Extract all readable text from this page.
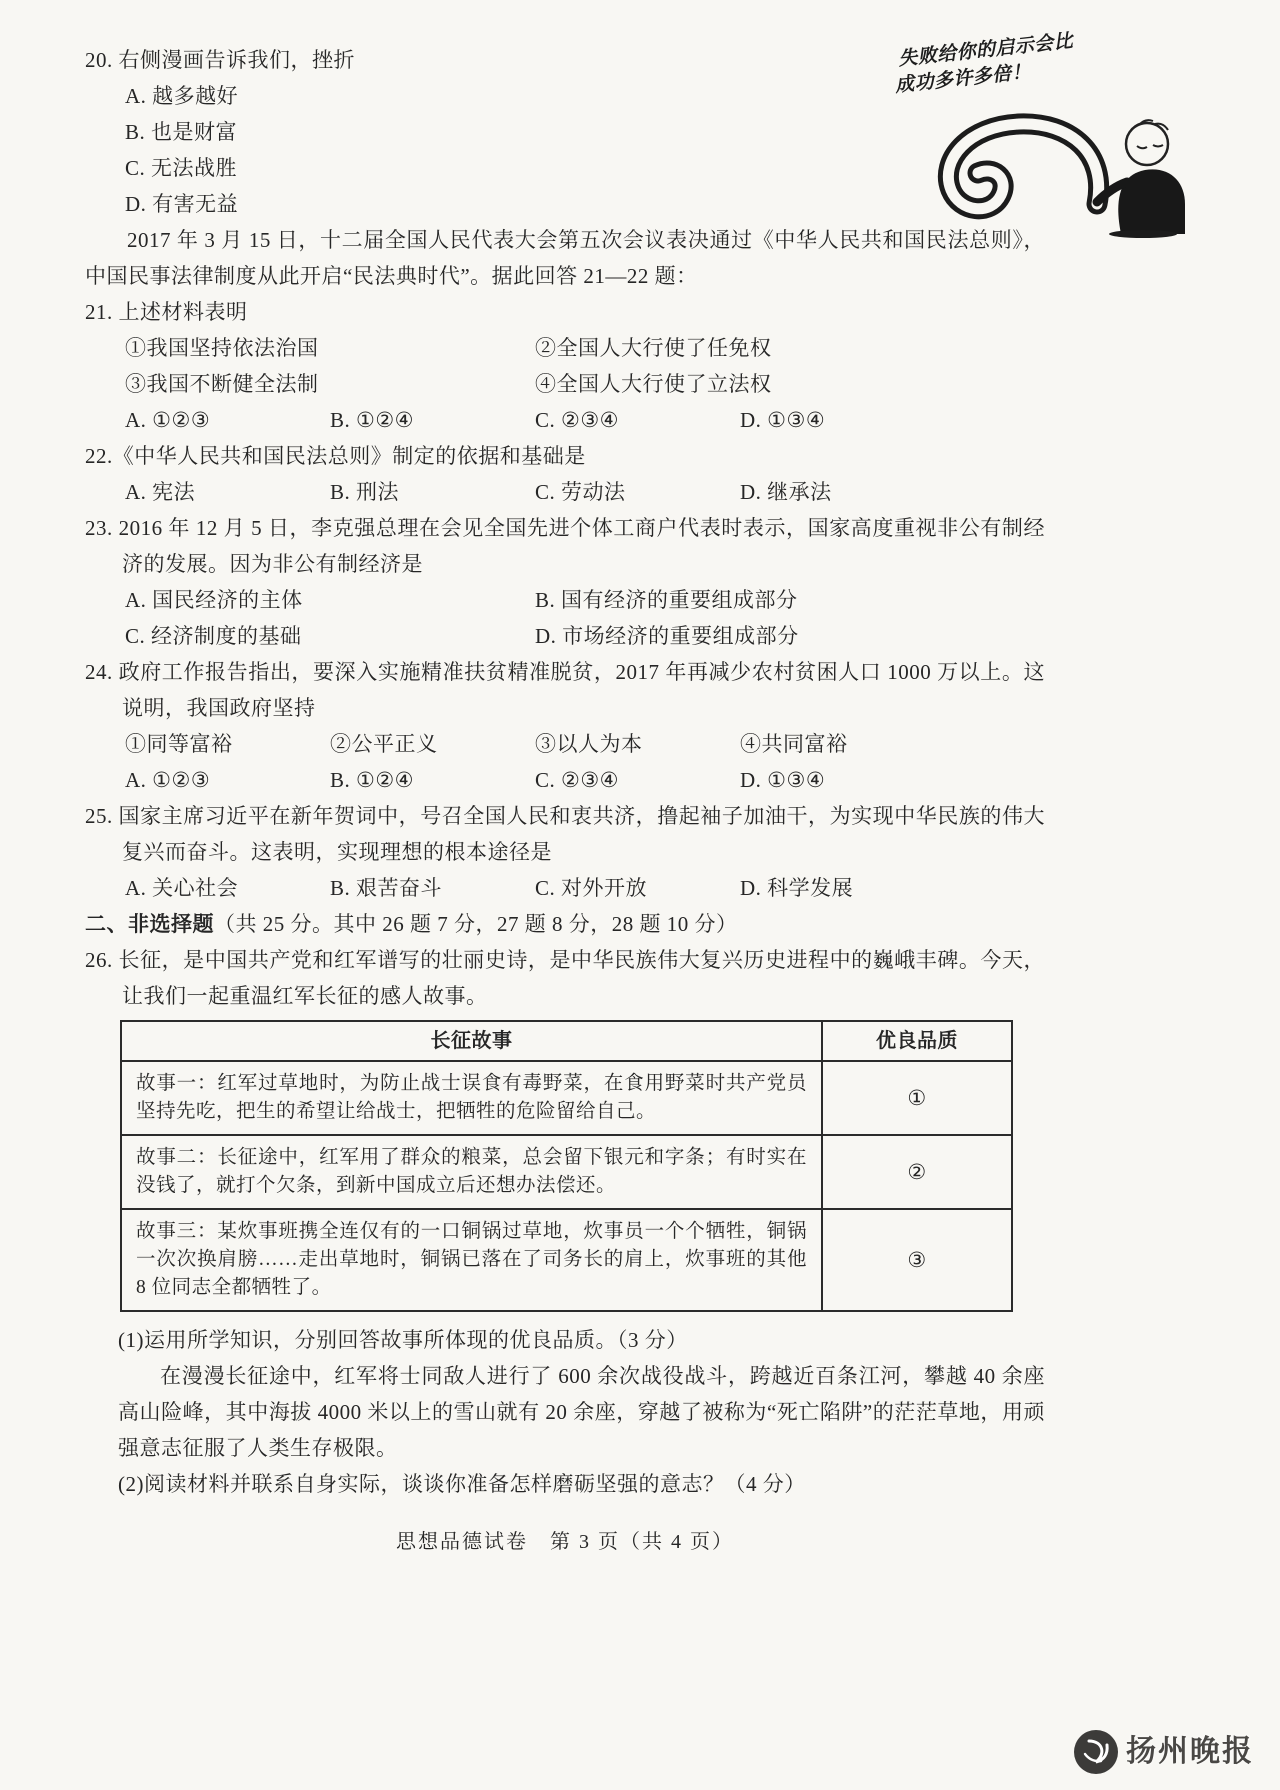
失败给你的启示会比
成功多许多倍！
20. 右侧漫画告诉我们，挫折
A. 越多越好
B. 也是财富
C. 无法战胜
D. 有害无益

2017 年 3 月 15 日，十二届全国人民代表大会第五次会议表决通过《中华人民共和国民法总则》，中国民事法律制度从此开启“民法典时代”。据此回答 21—22 题：

21. 上述材料表明
①我国坚持依法治国	②全国人大行使了任免权
③我国不断健全法制	④全国人大行使了立法权
A. ①②③	B. ①②④	C. ②③④	D. ①③④
22.《中华人民共和国民法总则》制定的依据和基础是
A. 宪法	B. 刑法	C. 劳动法	D. 继承法
23. 2016 年 12 月 5 日，李克强总理在会见全国先进个体工商户代表时表示，国家高度重视非公有制经济的发展。因为非公有制经济是
A. 国民经济的主体	B. 国有经济的重要组成部分
C. 经济制度的基础	D. 市场经济的重要组成部分
24. 政府工作报告指出，要深入实施精准扶贫精准脱贫，2017 年再减少农村贫困人口 1000 万以上。这说明，我国政府坚持
①同等富裕	②公平正义	③以人为本	④共同富裕
A. ①②③	B. ①②④	C. ②③④	D. ①③④
25. 国家主席习近平在新年贺词中，号召全国人民和衷共济，撸起袖子加油干，为实现中华民族的伟大复兴而奋斗。这表明，实现理想的根本途径是
A. 关心社会	B. 艰苦奋斗	C. 对外开放	D. 科学发展
二、非选择题（共 25 分。其中 26 题 7 分，27 题 8 分，28 题 10 分）
26. 长征，是中国共产党和红军谱写的壮丽史诗，是中华民族伟大复兴历史进程中的巍峨丰碑。今天，让我们一起重温红军长征的感人故事。
长征故事	优良品质
故事一：红军过草地时，为防止战士误食有毒野菜，在食用野菜时共产党员坚持先吃，把生的希望让给战士，把牺牲的危险留给自己。	①
故事二：长征途中，红军用了群众的粮菜，总会留下银元和字条；有时实在没钱了，就打个欠条，到新中国成立后还想办法偿还。	②
故事三：某炊事班携全连仅有的一口铜锅过草地，炊事员一个个牺牲，铜锅一次次换肩膀……走出草地时，铜锅已落在了司务长的肩上，炊事班的其他 8 位同志全都牺牲了。	③
(1)运用所学知识，分别回答故事所体现的优良品质。（3 分）

在漫漫长征途中，红军将士同敌人进行了 600 余次战役战斗，跨越近百条江河，攀越 40 余座高山险峰，其中海拔 4000 米以上的雪山就有 20 余座，穿越了被称为“死亡陷阱”的茫茫草地，用顽强意志征服了人类生存极限。

(2)阅读材料并联系自身实际，谈谈你准备怎样磨砺坚强的意志？（4 分）
思想品德试卷　第 3 页（共 4 页）
扬州晚报
